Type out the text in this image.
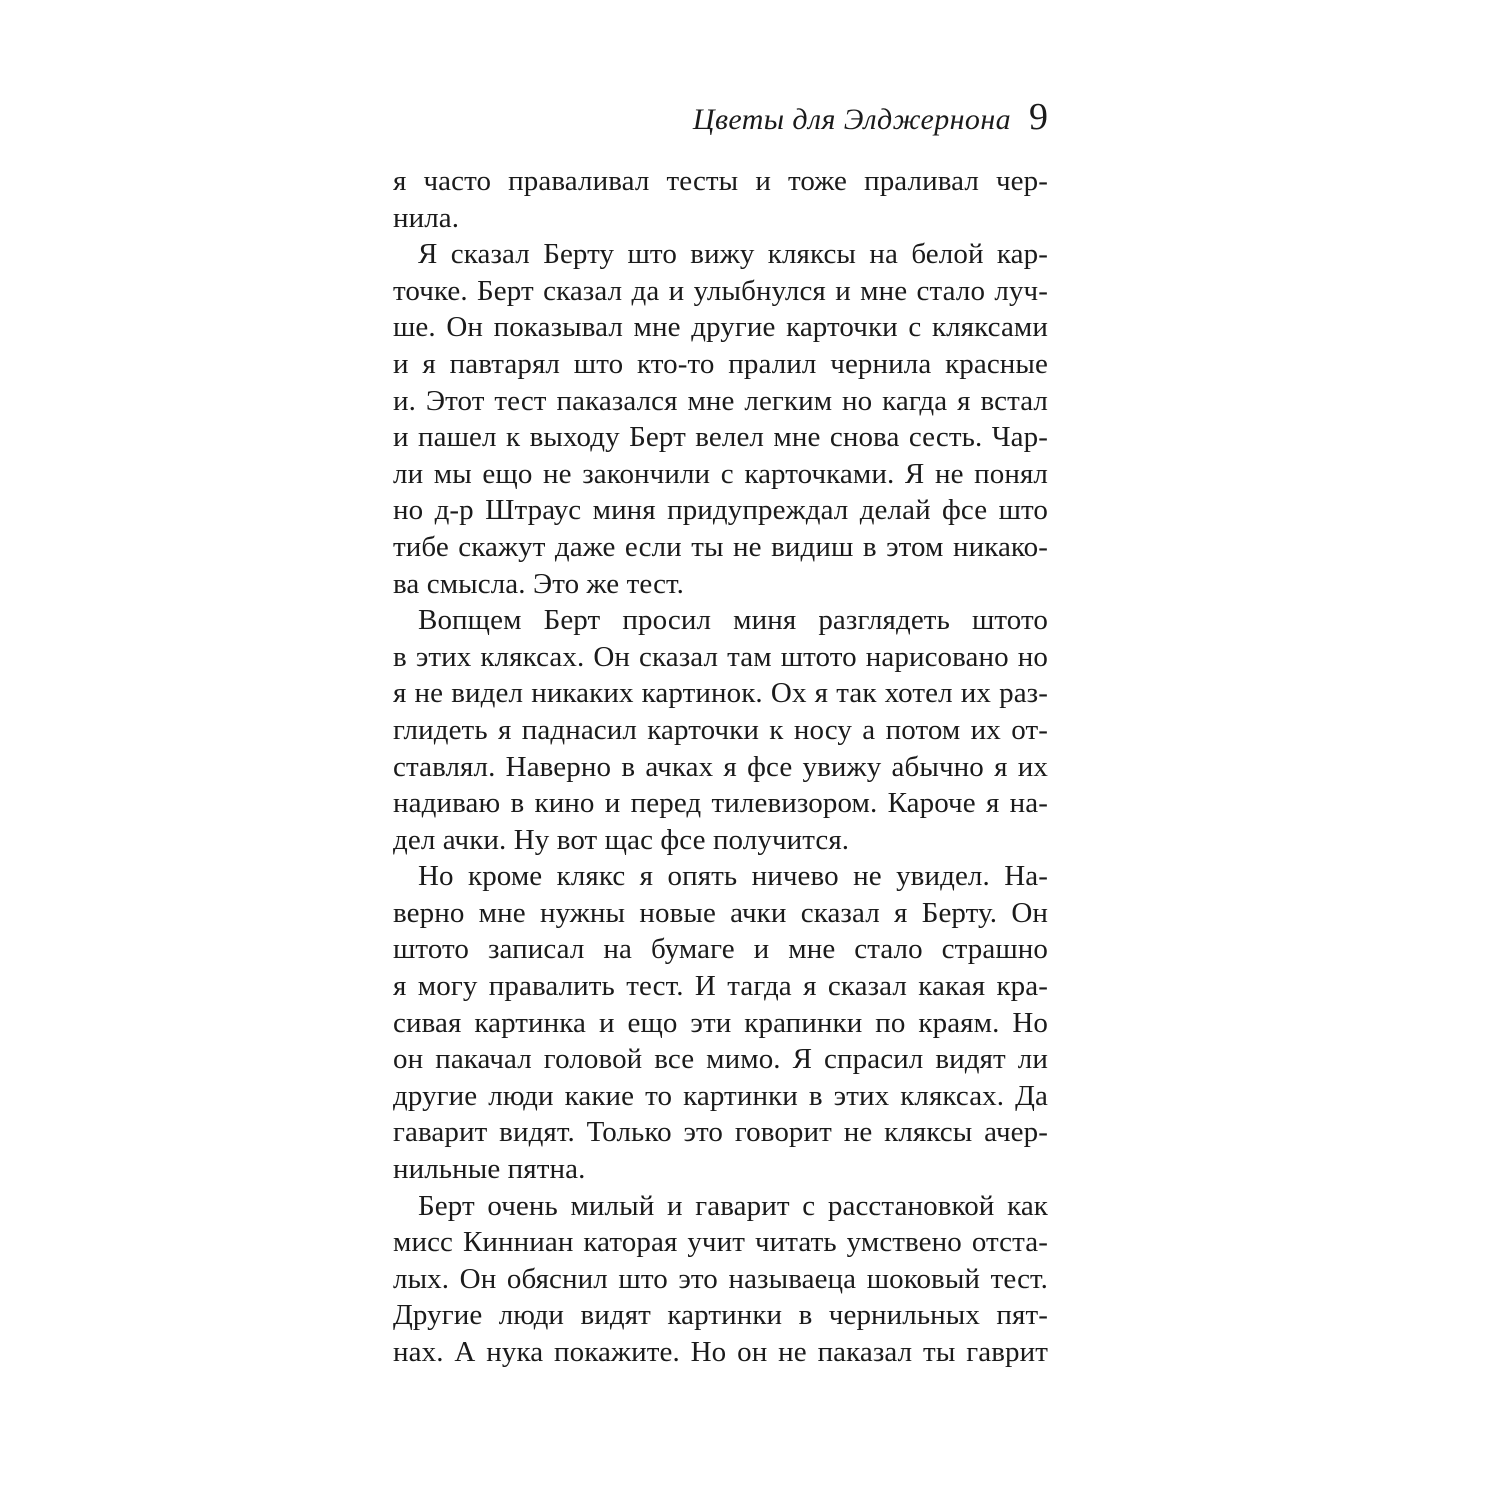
Цветы для Элджернона 9
я часто праваливал тесты и тоже праливал чер-
нила.
Я сказал Берту што вижу кляксы на белой кар-
точке. Берт сказал да и улыбнулся и мне стало луч-
ше. Он показывал мне другие карточки с кляксами
и я павтарял што кто-то пралил чернила красные
и. Этот тест паказался мне легким но кагда я встал
и пашел к выходу Берт велел мне снова сесть. Чар-
ли мы ещо не закончили с карточками. Я не понял
но д-р Штраус миня придупреждал делай фсе што
тибе скажут даже если ты не видиш в этом никако-
ва смысла. Это же тест.
Вопщем Берт просил миня разглядеть штото
в этих кляксах. Он сказал там штото нарисовано но
я не видел никаких картинок. Ох я так хотел их раз-
глидеть я паднасил карточки к носу а потом их от-
ставлял. Наверно в ачках я фсе увижу абычно я их
надиваю в кино и перед тилевизором. Кароче я на-
дел ачки. Ну вот щас фсе получится.
Но кроме клякс я опять ничево не увидел. На-
верно мне нужны новые ачки сказал я Берту. Он
штото записал на бумаге и мне стало страшно
я могу правалить тест. И тагда я сказал какая кра-
сивая картинка и ещо эти крапинки по краям. Но
он пакачал головой все мимо. Я спрасил видят ли
другие люди какие то картинки в этих кляксах. Да
гаварит видят. Только это говорит не кляксы ачер-
нильные пятна.
Берт очень милый и гаварит с расстановкой как
мисс Кинниан каторая учит читать умствено отста-
лых. Он обяснил што это называеца шоковый тест.
Другие люди видят картинки в чернильных пят-
нах. А нука покажите. Но он не паказал ты гаврит
